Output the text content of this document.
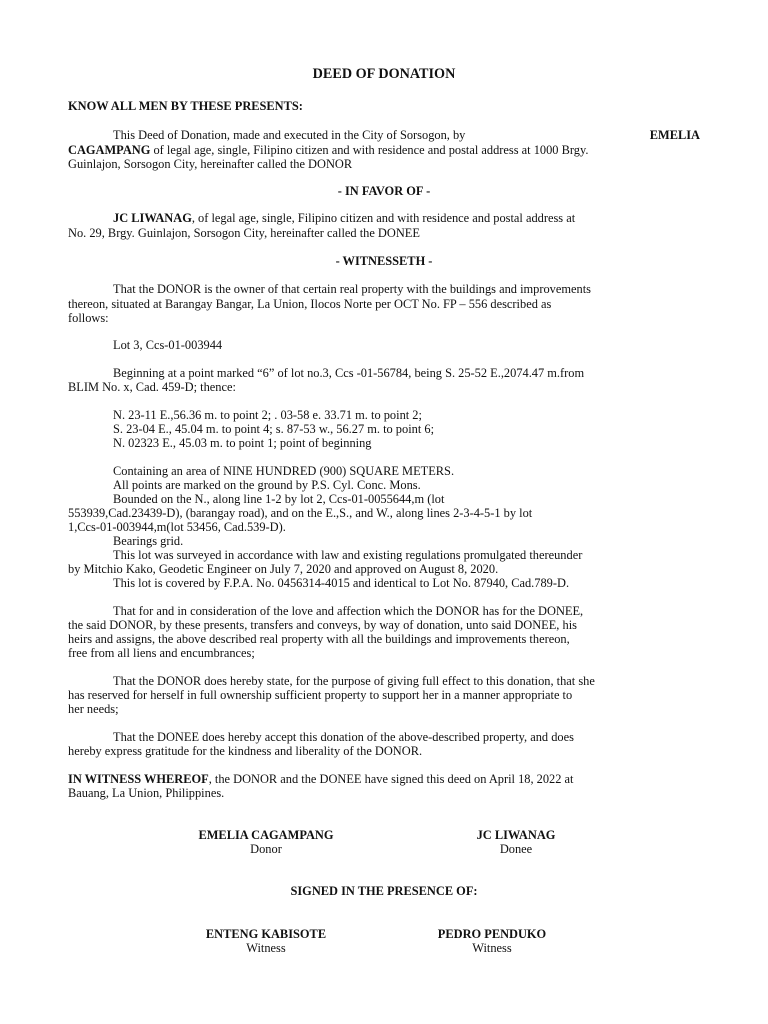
DEED OF DONATION
KNOW ALL MEN BY THESE PRESENTS:
This Deed of Donation, made and executed in the City of Sorsogon, by	EMELIA
CAGAMPANG of legal age, single, Filipino citizen and with residence and postal address at 1000 Brgy.
Guinlajon, Sorsogon City, hereinafter called the DONOR
- IN FAVOR OF -
JC LIWANAG, of legal age, single, Filipino citizen and with residence and postal address at
No. 29, Brgy. Guinlajon, Sorsogon City, hereinafter called the DONEE
- WITNESSETH -
That the DONOR is the owner of that certain real property with the buildings and improvements
thereon, situated at Barangay Bangar, La Union, Ilocos Norte per OCT No. FP – 556 described as
follows:
Lot 3, Ccs-01-003944
Beginning at a point marked “6” of lot no.3, Ccs -01-56784, being S. 25-52 E.,2074.47 m.from
BLIM No. x, Cad. 459-D; thence:
N. 23-11 E.,56.36 m. to point 2; . 03-58 e. 33.71 m. to point 2;
S. 23-04 E., 45.04 m. to point 4; s. 87-53 w., 56.27 m. to point 6;
N. 02323 E., 45.03 m. to point 1; point of beginning
Containing an area of NINE HUNDRED (900) SQUARE METERS.
All points are marked on the ground by P.S. Cyl. Conc. Mons.
Bounded on the N., along line 1-2 by lot 2, Ccs-01-0055644,m (lot
553939,Cad.23439-D), (barangay road), and on the E.,S., and W., along lines 2-3-4-5-1 by lot
1,Ccs-01-003944,m(lot 53456, Cad.539-D).
Bearings grid.
This lot was surveyed in accordance with law and existing regulations promulgated thereunder
by Mitchio Kako, Geodetic Engineer on July 7, 2020 and approved on August 8, 2020.
This lot is covered by F.P.A. No. 0456314-4015 and identical to Lot No. 87940, Cad.789-D.
That for and in consideration of the love and affection which the DONOR has for the DONEE,
the said DONOR, by these presents, transfers and conveys, by way of donation, unto said DONEE, his
heirs and assigns, the above described real property with all the buildings and improvements thereon,
free from all liens and encumbrances;
That the DONOR does hereby state, for the purpose of giving full effect to this donation, that she
has reserved for herself in full ownership sufficient property to support her in a manner appropriate to
her needs;
That the DONEE does hereby accept this donation of the above-described property, and does
hereby express gratitude for the kindness and liberality of the DONOR.
IN WITNESS WHEREOF, the DONOR and the DONEE have signed this deed on April 18, 2022 at
Bauang, La Union, Philippines.
EMELIA CAGAMPANG
Donor
JC LIWANAG
Donee
SIGNED IN THE PRESENCE OF:
ENTENG KABISOTE
Witness
PEDRO PENDUKO
Witness
